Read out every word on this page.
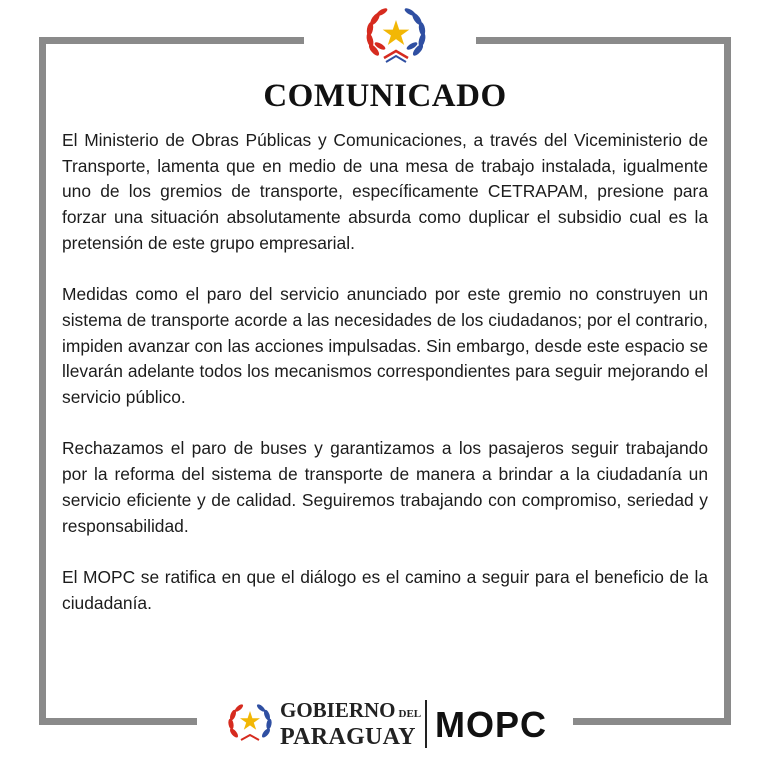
COMUNICADO

El Ministerio de Obras Públicas y Comunicaciones, a través del Viceministerio de Transporte, lamenta que en medio de una mesa de trabajo instalada, igualmente uno de los gremios de transporte, específicamente CETRAPAM, presione para forzar una situación absolutamente absurda como duplicar el subsidio cual es la pretensión de este grupo empresarial.

Medidas como el paro del servicio anunciado por este gremio no construyen un sistema de transporte acorde a las necesidades de los ciudadanos; por el contrario, impiden avanzar con las acciones impulsadas. Sin embargo, desde este espacio se llevarán adelante todos los mecanismos correspondientes para seguir mejorando el servicio público.

Rechazamos el paro de buses y garantizamos a los pasajeros seguir trabajando por la reforma del sistema de transporte de manera a brindar a la ciudadanía un servicio eficiente y de calidad. Seguiremos trabajando con compromiso, seriedad y responsabilidad.

El MOPC se ratifica en que el diálogo es el camino a seguir para el beneficio de la ciudadanía.

GOBIERNO DEL
PARAGUAY MOPC
